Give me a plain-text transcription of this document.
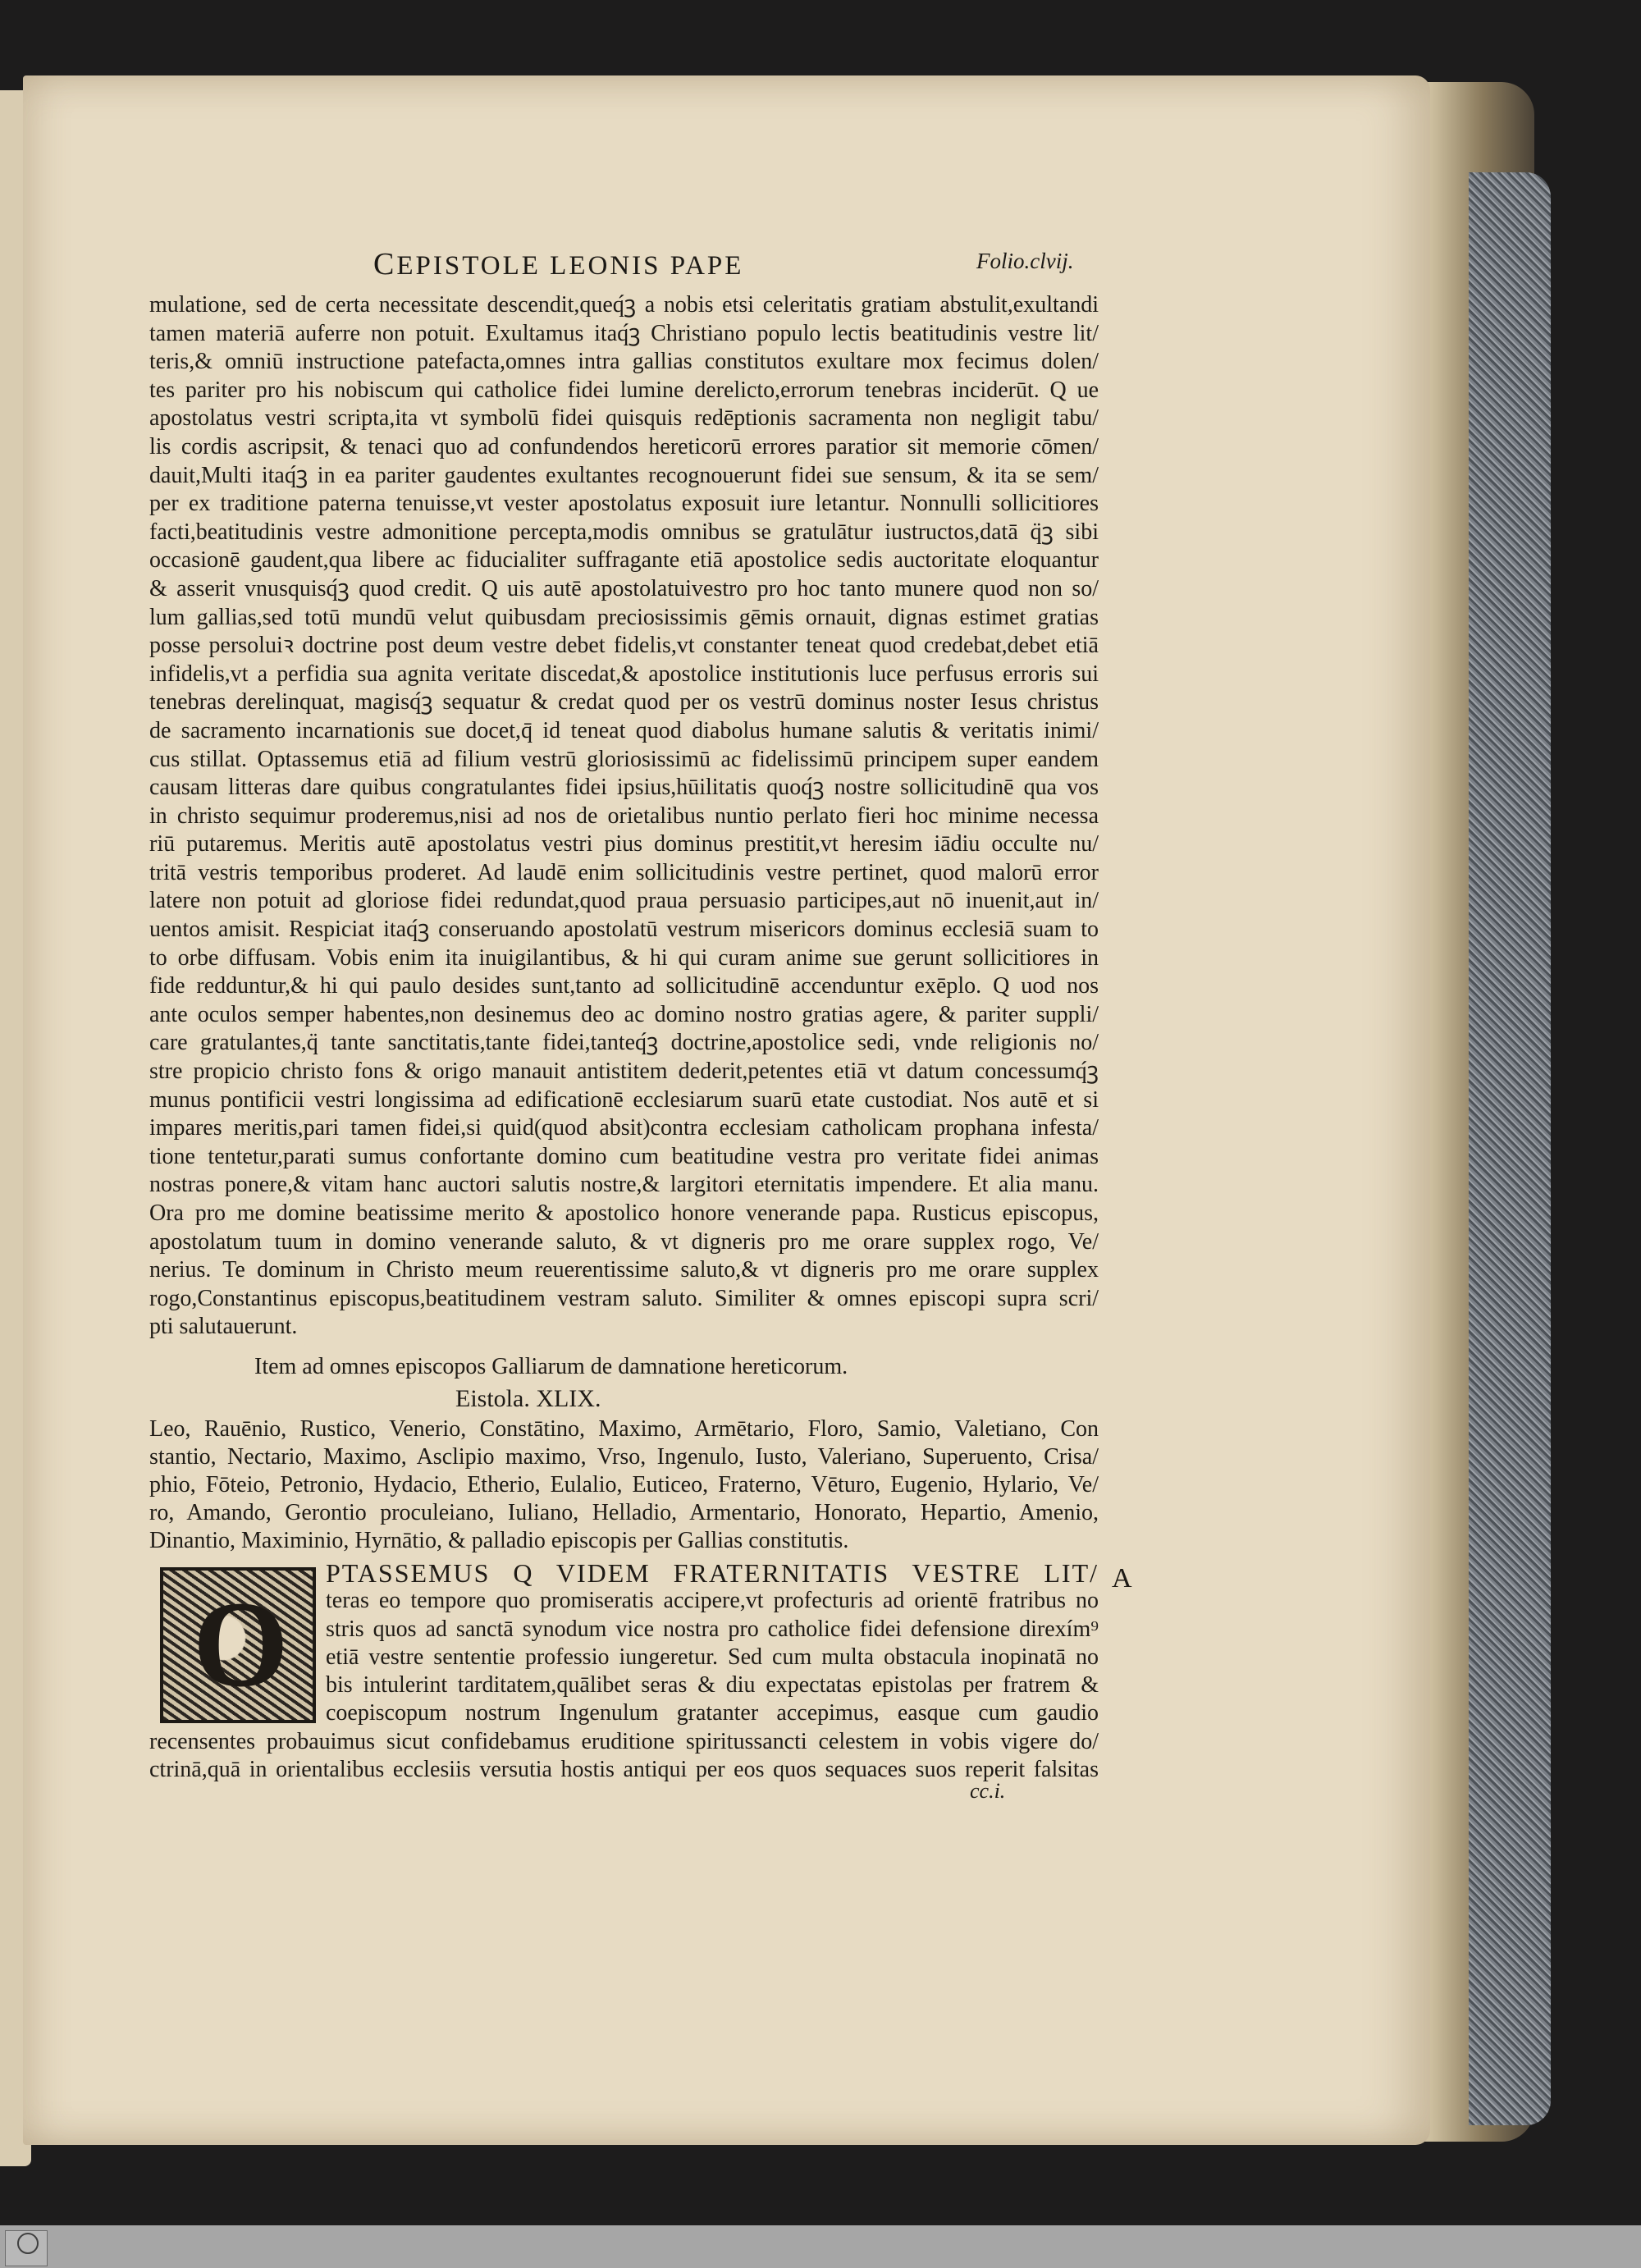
CEPISTOLE LEONIS PAPE	Folio.clvij.
mulatione, sed de certa necessitate descendit,queq́ꝫ a nobis etsi celeritatis gratiam abstulit,exultandi
tamen materiā auferre non potuit. Exultamus itaq́ꝫ Christiano populo lectis beatitudinis vestre lit/
teris,& omniū instructione patefacta,omnes intra gallias constitutos exultare mox fecimus dolen/
tes pariter pro his nobiscum qui catholice fidei lumine derelicto,errorum tenebras inciderūt. Q ue
apostolatus vestri scripta,ita vt symbolū fidei quisquis redēptionis sacramenta non negligit tabu/
lis cordis ascripsit, & tenaci quo ad confundendos hereticorū errores paratior sit memorie cōmen/
dauit,Multi itaq́ꝫ in ea pariter gaudentes exultantes recognouerunt fidei sue sensum, & ita se sem/
per ex traditione paterna tenuisse,vt vester apostolatus exposuit iure letantur. Nonnulli sollicitiores
facti,beatitudinis vestre admonitione percepta,modis omnibus se gratulātur iustructos,datā q̈ꝫ sibi
occasionē gaudent,qua libere ac fiducialiter suffragante etiā apostolice sedis auctoritate eloquantur
& asserit vnusquisq́ꝫ quod credit. Q uis autē apostolatuivestro pro hoc tanto munere quod non so/
lum gallias,sed totū mundū velut quibusdam preciosissimis gēmis ornauit, dignas estimet gratias
posse persoluiꝛ doctrine post deum vestre debet fidelis,vt constanter teneat quod credebat,debet etiā
infidelis,vt a perfidia sua agnita veritate discedat,& apostolice institutionis luce perfusus erroris sui
tenebras derelinquat, magisq́ꝫ sequatur & credat quod per os vestrū dominus noster Iesus christus
de sacramento incarnationis sue docet,q̄ id teneat quod diabolus humane salutis & veritatis inimi/
cus stillat. Optassemus etiā ad filium vestrū gloriosissimū ac fidelissimū principem super eandem
causam litteras dare quibus congratulantes fidei ipsius,hūilitatis quoq́ꝫ nostre sollicitudinē qua vos
in christo sequimur proderemus,nisi ad nos de orietalibus nuntio perlato fieri hoc minime necessa
riū putaremus. Meritis autē apostolatus vestri pius dominus prestitit,vt heresim iādiu occulte nu/
tritā vestris temporibus proderet. Ad laudē enim sollicitudinis vestre pertinet, quod malorū error
latere non potuit ad gloriose fidei redundat,quod praua persuasio participes,aut nō inuenit,aut in/
uentos amisit. Respiciat itaq́ꝫ conseruando apostolatū vestrum misericors dominus ecclesiā suam to
to orbe diffusam. Vobis enim ita inuigilantibus, & hi qui curam anime sue gerunt sollicitiores in
fide redduntur,& hi qui paulo desides sunt,tanto ad sollicitudinē accenduntur exēplo. Q uod nos
ante oculos semper habentes,non desinemus deo ac domino nostro gratias agere, & pariter suppli/
care gratulantes,q̈ tante sanctitatis,tante fidei,tanteq́ꝫ doctrine,apostolice sedi, vnde religionis no/
stre propicio christo fons & origo manauit antistitem dederit,petentes etiā vt datum concessumq́ꝫ
munus pontificii vestri longissima ad edificationē ecclesiarum suarū etate custodiat. Nos autē et si
impares meritis,pari tamen fidei,si quid(quod absit)contra ecclesiam catholicam prophana infesta/
tione tentetur,parati sumus confortante domino cum beatitudine vestra pro veritate fidei animas
nostras ponere,& vitam hanc auctori salutis nostre,& largitori eternitatis impendere. Et alia manu.
Ora pro me domine beatissime merito & apostolico honore venerande papa. Rusticus episcopus,
apostolatum tuum in domino venerande saluto, & vt digneris pro me orare supplex rogo, Ve/
nerius. Te dominum in Christo meum reuerentissime saluto,& vt digneris pro me orare supplex
rogo,Constantinus episcopus,beatitudinem vestram saluto. Similiter & omnes episcopi supra scri/
pti salutauerunt.
Item ad omnes episcopos Galliarum de damnatione hereticorum.
Eistola. XLIX.
Leo, Rauēnio, Rustico, Venerio, Constātino, Maximo, Armētario, Floro, Samio, Valetiano, Con
stantio, Nectario, Maximo, Asclipio maximo, Vrso, Ingenulo, Iusto, Valeriano, Superuento, Crisa/
phio, Fōteio, Petronio, Hydacio, Etherio, Eulalio, Euticeo, Fraterno, Vēturo, Eugenio, Hylario, Ve/
ro, Amando, Gerontio proculeiano, Iuliano, Helladio, Armentario, Honorato, Hepartio, Amenio,
Dinantio, Maximinio, Hyrnātio, & palladio episcopis per Gallias constitutis.
PTASSEMUS Q VIDEM FRATERNITATIS VESTRE LIT/
teras eo tempore quo promiseratis accipere,vt profecturis ad orientē fratribus no
stris quos ad sanctā synodum vice nostra pro catholice fidei defensione direxím⁹
etiā vestre sententie professio iungeretur. Sed cum multa obstacula inopinatā no
bis intulerint tarditatem,quālibet seras & diu expectatas epistolas per fratrem &
coepiscopum nostrum Ingenulum gratanter accepimus, easque cum gaudio
recensentes probauimus sicut confidebamus eruditione spiritussancti celestem in vobis vigere do/
ctrinā,quā in orientalibus ecclesiis versutia hostis antiqui per eos quos sequaces suos reperit falsitas
O	A
cc.i.
